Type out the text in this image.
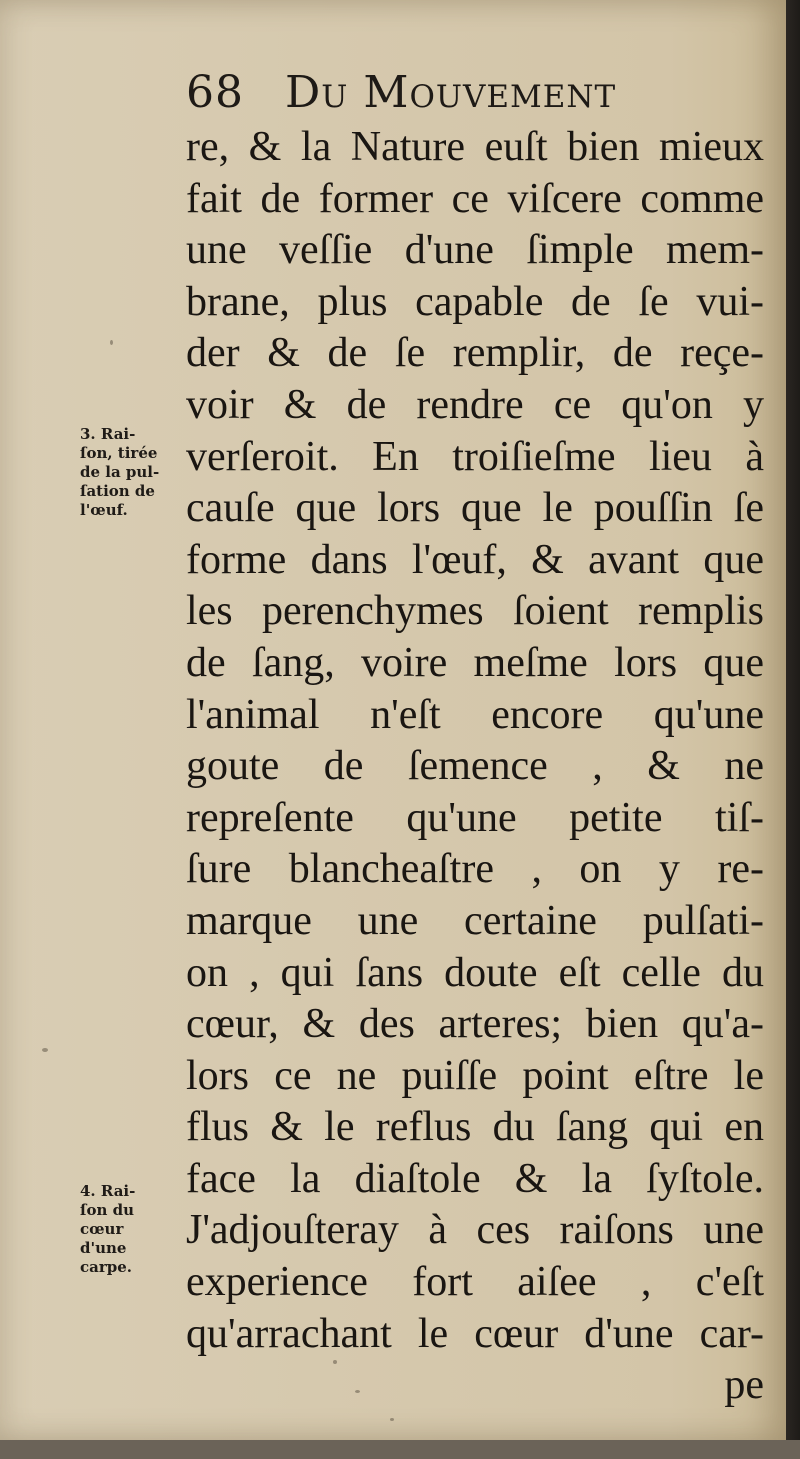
68 Du Mouvement
re, & la Nature euſt bien mieux
fait de former ce viſcere comme
une veſſie d'une ſimple mem-
brane, plus capable de ſe vui-
der & de ſe remplir, de reçe-
voir & de rendre ce qu'on y
verſeroit. En troiſieſme lieu à
cauſe que lors que le pouſſin ſe
forme dans l'œuf, & avant que
les perenchymes ſoient remplis
de ſang, voire meſme lors que
l'animal n'eſt encore qu'une
goute de ſemence , & ne
repreſente qu'une petite tiſ-
ſure blancheaſtre , on y re-
marque une certaine pulſati-
on , qui ſans doute eſt celle du
cœur, & des arteres; bien qu'a-
lors ce ne puiſſe point eſtre le
flus & le reflus du ſang qui en
face la diaſtole & la ſyſtole.
J'adjouſteray à ces raiſons une
experience fort aiſee , c'eſt
qu'arrachant le cœur d'une car-
pe
3. Rai-
ſon, tirée
de la pul-
ſation de
l'œuf.
4. Rai-
ſon du
cœur
d'une
carpe.
